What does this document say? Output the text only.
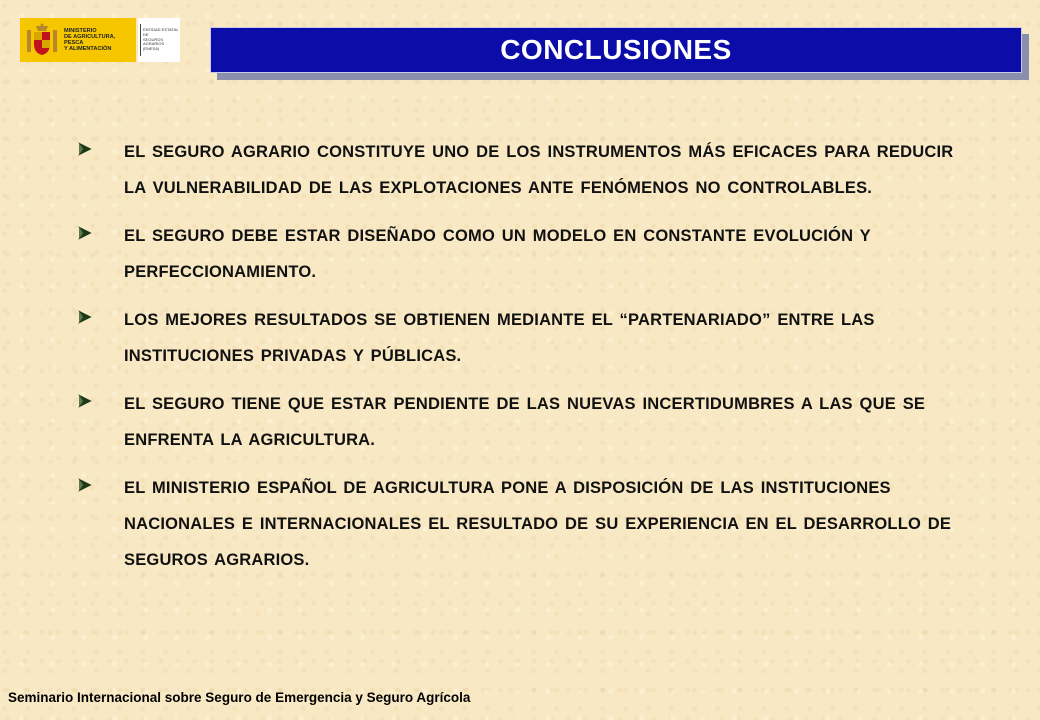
MINISTERIO
DE AGRICULTURA, PESCA
Y ALIMENTACIÓN
ENTIDAD ESTATAL DE
SEGUROS AGRARIOS
(ENESA)	CONCLUSIONES
EL SEGURO AGRARIO CONSTITUYE UNO DE LOS INSTRUMENTOS MÁS EFICACES PARA REDUCIR LA VULNERABILIDAD DE LAS EXPLOTACIONES ANTE FENÓMENOS NO CONTROLABLES.
EL SEGURO DEBE ESTAR DISEÑADO COMO UN MODELO EN CONSTANTE EVOLUCIÓN Y PERFECCIONAMIENTO.
LOS MEJORES RESULTADOS SE OBTIENEN MEDIANTE EL “PARTENARIADO” ENTRE LAS INSTITUCIONES PRIVADAS Y PÚBLICAS.
EL SEGURO TIENE QUE ESTAR PENDIENTE DE LAS NUEVAS INCERTIDUMBRES A LAS QUE SE ENFRENTA LA AGRICULTURA.
EL MINISTERIO ESPAÑOL DE AGRICULTURA PONE A DISPOSICIÓN DE LAS INSTITUCIONES NACIONALES E INTERNACIONALES EL RESULTADO DE SU EXPERIENCIA EN EL DESARROLLO DE SEGUROS AGRARIOS.
Seminario Internacional sobre Seguro de Emergencia y Seguro Agrícola
